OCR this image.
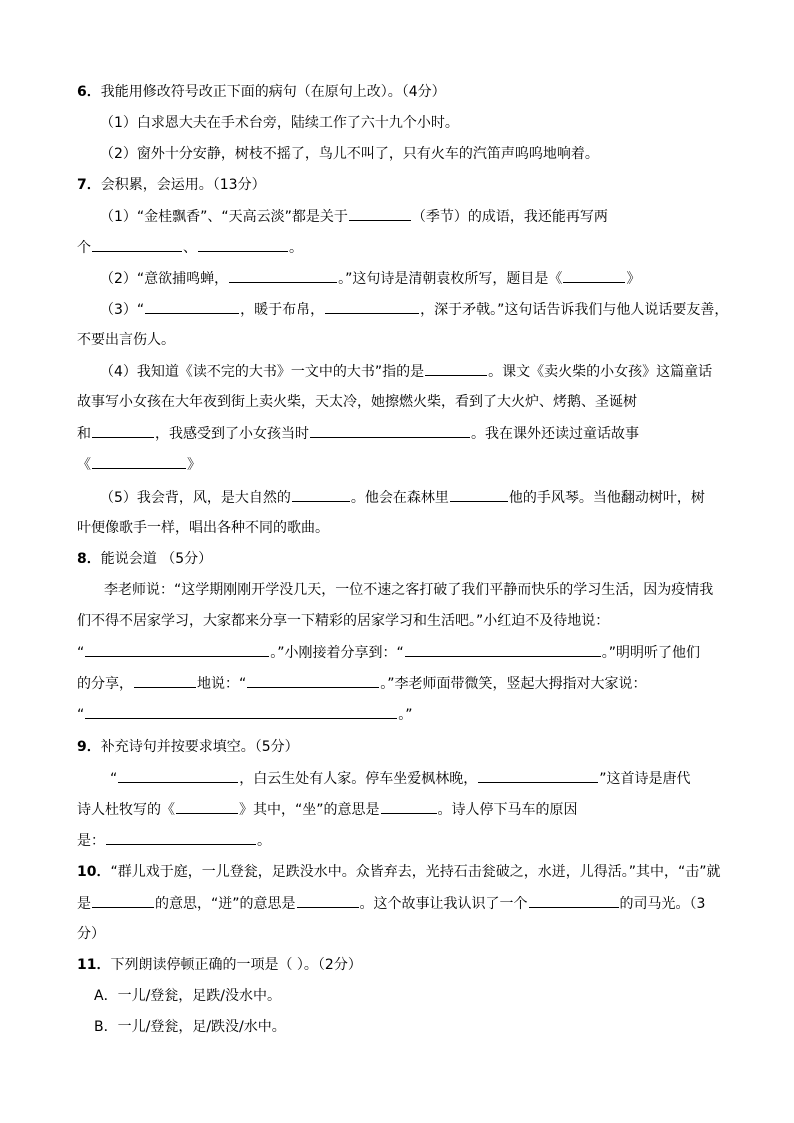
6．我能用修改符号改正下面的病句（在原句上改）。（4分）
（1）白求恩大夫在手术台旁，陆续工作了六十九个小时。
（2）窗外十分安静，树枝不摇了，鸟儿不叫了，只有火车的汽笛声呜呜地响着。
7．会积累，会运用。（13分）
（1）“金桂飘香”、“天高云淡”都是关于	（季节）的成语，我还能再写两
个	、	。
（2）“意欲捕鸣蝉，	。”这句诗是清朝袁枚所写，题目是《	》
（3）“	，暖于布帛，	，深于矛戟。”这句话告诉我们与他人说话要友善，
不要出言伤人。
（4）我知道《读不完的大书》一文中的大书”指的是	。课文《卖火柴的小女孩》这篇童话
故事写小女孩在大年夜到街上卖火柴，天太冷，她擦燃火柴，看到了大火炉、烤鹅、圣诞树
和	，我感受到了小女孩当时	。我在课外还读过童话故事
《	》
（5）我会背，风，是大自然的	。他会在森林里	他的手风琴。当他翻动树叶，树
叶便像歌手一样，唱出各种不同的歌曲。
8．能说会道 （5分）
李老师说：“这学期刚刚开学没几天，一位不速之客打破了我们平静而快乐的学习生活，因为疫情我
们不得不居家学习，大家都来分享一下精彩的居家学习和生活吧。”小红迫不及待地说：
“	。”小刚接着分享到：“	。”明明听了他们
的分享，	地说：“	。”李老师面带微笑，竖起大拇指对大家说：
“	。”
9．补充诗句并按要求填空。（5分）
“	，白云生处有人家。停车坐爱枫林晚，	”这首诗是唐代
诗人杜牧写的《	》其中，“坐”的意思是	。诗人停下马车的原因
是：	。
10．“群儿戏于庭，一儿登瓮，足跌没水中。众皆弃去，光持石击瓮破之，水迸，儿得活。”其中，“击”就
是	的意思，“迸”的意思是	。这个故事让我认识了一个	的司马光。（3
分）
11．下列朗读停顿正确的一项是（ ）。（2分）
A．一儿/登瓮，足跌/没水中。
B．一儿/登瓮，足/跌没/水中。
